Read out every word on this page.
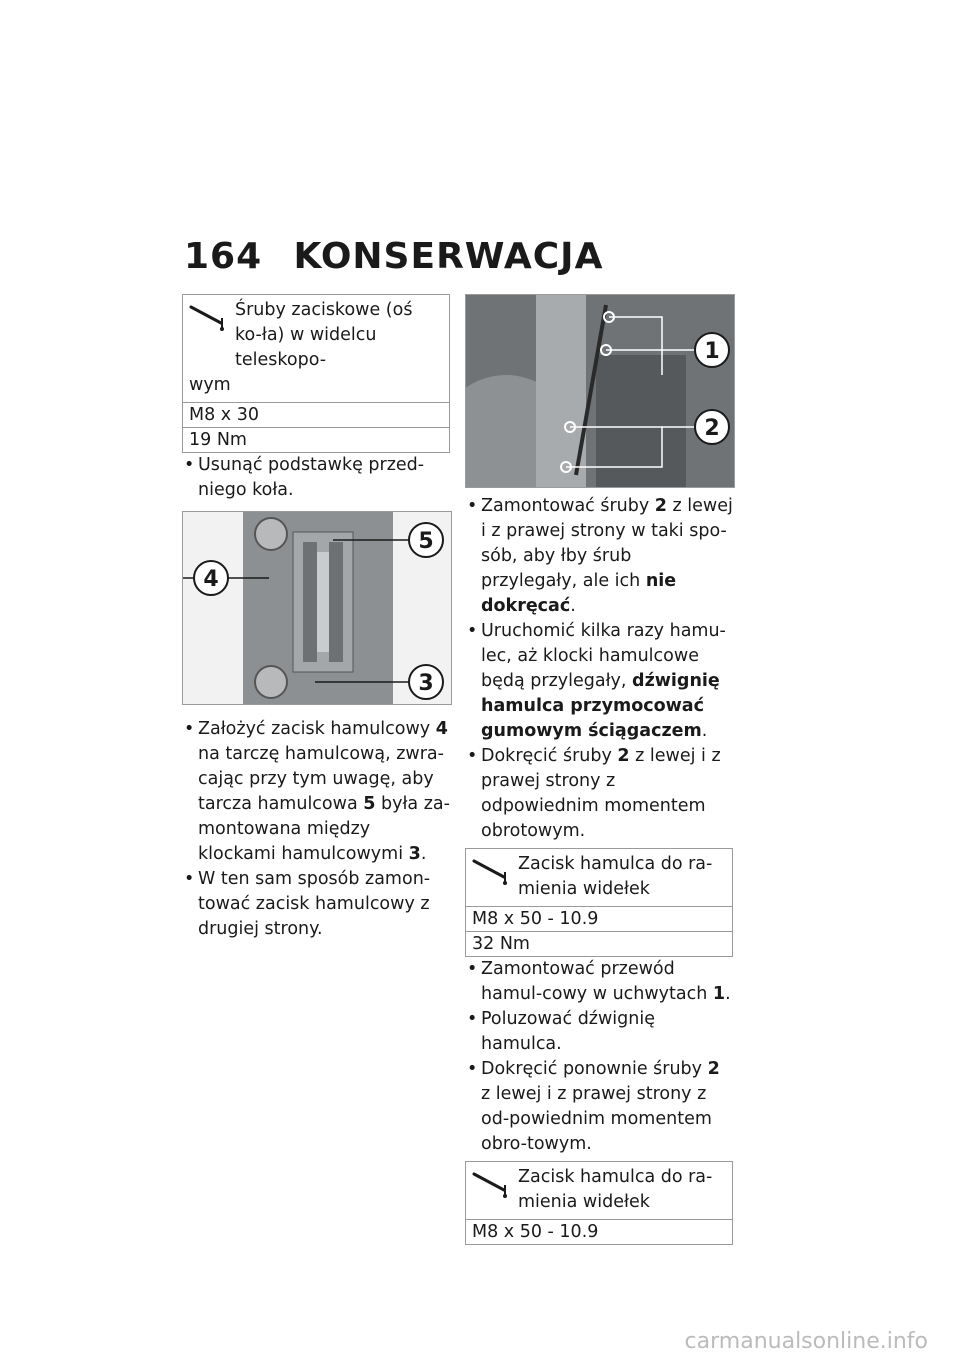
164 KONSERWACJA
Śruby zaciskowe (oś ko-ła) w widelcu teleskopo-
wym
M8 x 30
19 Nm
• Usunąć podstawkę przed-niego koła.
4
5
3
• Założyć zacisk hamulcowy 4 na tarczę hamulcową, zwra-cając przy tym uwagę, aby tarcza hamulcowa 5 była za-montowana między klockami hamulcowymi 3.
• W ten sam sposób zamon-tować zacisk hamulcowy z drugiej strony.
1
2
• Zamontować śruby 2 z lewej i z prawej strony w taki spo-sób, aby łby śrub przylegały, ale ich nie dokręcać.
• Uruchomić kilka razy hamu-lec, aż klocki hamulcowe będą przylegały, dźwignię hamulca przymocować gumowym ściągaczem.
• Dokręcić śruby 2 z lewej i z prawej strony z odpowiednim momentem obrotowym.
Zacisk hamulca do ra-mienia widełek
M8 x 50 - 10.9
32 Nm
• Zamontować przewód hamul-cowy w uchwytach 1.
• Poluzować dźwignię hamulca.
• Dokręcić ponownie śruby 2 z lewej i z prawej strony z od-powiednim momentem obro-towym.
Zacisk hamulca do ra-mienia widełek
M8 x 50 - 10.9
carmanualsonline.info
